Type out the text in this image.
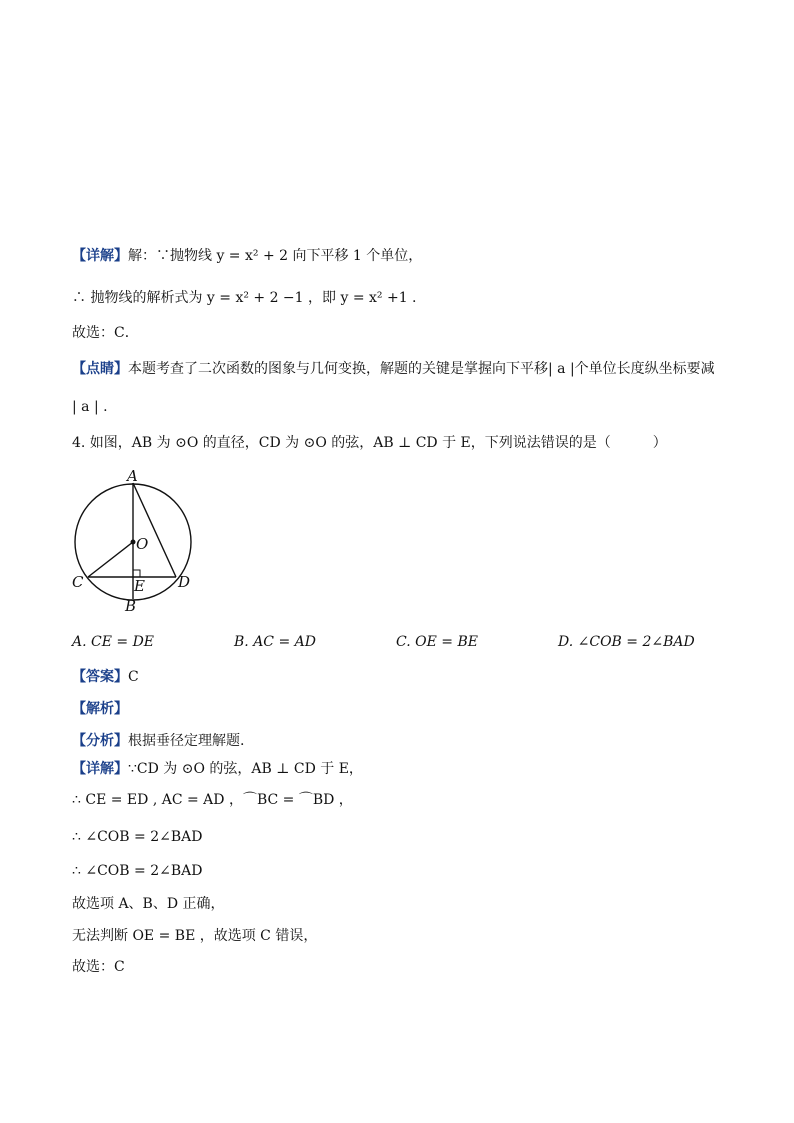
【详解】解：∵抛物线 y = x² + 2 向下平移 1 个单位，
∴ 抛物线的解析式为 y = x² + 2 −1 ，即 y = x² +1 .
故选：C．
【点睛】本题考查了二次函数的图象与几何变换，解题的关键是掌握向下平移| a |个单位长度纵坐标要减
| a | .
4. 如图，AB 为 ⊙O 的直径，CD 为 ⊙O 的弦，AB ⊥ CD 于 E，下列说法错误的是（　　　）
A
O
C	E D
B
A. CE = DE	B. AC = AD	C. OE = BE	D. ∠COB = 2∠BAD
【答案】C
【解析】
【分析】根据垂径定理解题.
【详解】∵CD 为 ⊙O 的弦，AB ⊥ CD 于 E，
∴ CE = ED , AC = AD ，⌒BC = ⌒BD ，
∴ ∠COB = 2∠BAD
∴ ∠COB = 2∠BAD
故选项 A、B、D 正确，
无法判断 OE = BE ，故选项 C 错误，
故选：C
